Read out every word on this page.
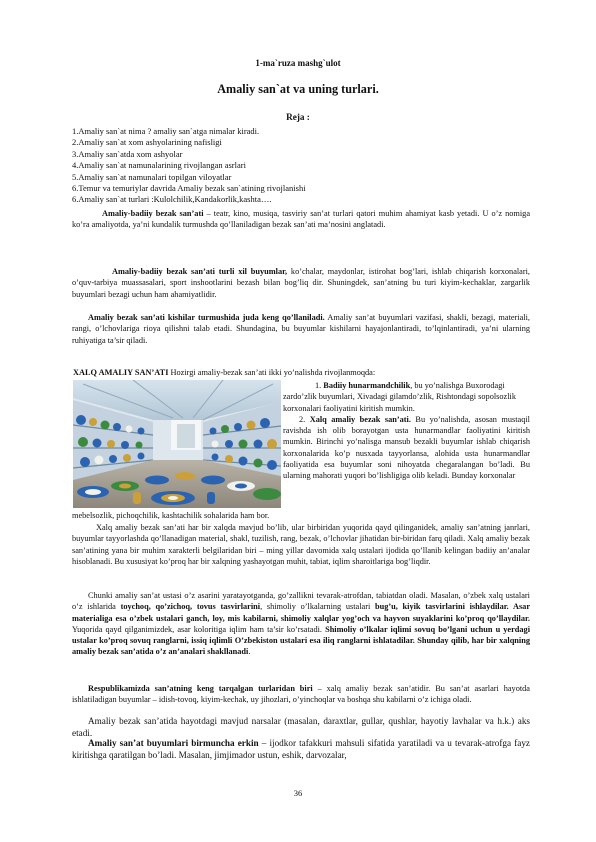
1-ma`ruza mashg`ulot
Amaliy san`at va uning turlari.
Reja :
1.Amaliy san`at nima ? amaliy san`atga nimalar kiradi.
2.Amaliy san`at xom ashyolarining nafisligi
3.Amaliy san`atda xom ashyolar
4.Amaliy san`at namunalarining rivojlangan asrlari
5.Amaliy san`at namunalari topilgan viloyatlar
6.Temur va temuriylar davrida Amaliy bezak san`atining rivojlanishi
6.Amaliy san`at turlari :Kulolchilik,Kandakorlik,kashta….

Amaliy-badiiy bezak san’ati – teatr, kino, musiqa, tasviriy san’at turlari qatori muhim ahamiyat kasb yetadi. U o’z nomiga ko’ra amaliyotda, ya’ni kundalik turmushda qo’llaniladigan bezak san’ati ma’nosini anglatadi.

Amaliy-badiiy bezak san’ati turli xil buyumlar, ko’chalar, maydonlar, istirohat bog’lari, ishlab chiqarish korxonalari, o’quv-tarbiya muassasalari, sport inshootlarini bezash bilan bog’liq dir. Shuningdek, san’atning bu turi kiyim-kechaklar, zargarlik buyumlari bezagi uchun ham ahamiyatlidir.

Amaliy bezak san’ati kishilar turmushida juda keng qo’llaniladi. Amaliy san’at buyumlari vazifasi, shakli, bezagi, materiali, rangi, o’lchovlariga rioya qilishni talab etadi. Shundagina, bu buyumlar kishilarni hayajonlantiradi, to’lqinlantiradi, ya’ni ularning ruhiyatiga ta’sir qiladi.

XALQ AMALIY SAN’ATI Hozirgi amaliy-bezak san’ati ikki yo’nalishda rivojlanmoqda:

1. Badiiy hunarmandchilik, bu yo’nalishga Buxorodagi zardo’zlik buyumlari, Xivadagi gilamdo’zlik, Rishtondagi sopolsozlik korxonalari faoliyatini kiritish mumkin.

2. Xalq amaliy bezak san’ati. Bu yo’nalishda, asosan mustaqil ravishda ish olib borayotgan usta hunarmandlar faoliyatini kiritish mumkin. Birinchi yo’nalisga mansub bezakli buyumlar ishlab chiqarish korxonalarida ko’p nusxada tayyorlansa, alohida usta hunarmandlar faoliyatida esa buyumlar soni nihoyatda chegaralangan bo’ladi. Bu ularning mahorati yuqori bo’lishligiga olib keladi. Bunday korxonalar

mebelsozlik, pichoqchilik, kashtachilik sohalarida ham bor.

Xalq amaliy bezak san’ati har bir xalqda mavjud bo’lib, ular birbiridan yuqorida qayd qilinganidek, amaliy san’atning janrlari, buyumlar tayyorlashda qo’llanadigan material, shakl, tuzilish, rang, bezak, o’lchovlar jihatidan bir-biridan farq qiladi. Xalq amaliy bezak san’atining yana bir muhim xarakterli belgilaridan biri – ming yillar davomida xalq ustalari ijodida qo’llanib kelingan badiiy an’analar hisoblanadi. Bu xususiyat ko’proq har bir xalqning yashayotgan muhit, tabiat, iqlim sharoitlariga bog’liqdir.

Chunki amaliy san’at ustasi o’z asarini yaratayotganda, go’zallikni tevarak-atrofdan, tabiatdan oladi. Masalan, o’zbek xalq ustalari o’z ishlarida toychoq, qo’zichoq, tovus tasvirlarini, shimoliy o’lkalarning ustalari bug’u, kiyik tasvirlarini ishlaydilar. Asar materialiga esa o’zbek ustalari ganch, loy, mis kabilarni, shimoliy xalqlar yog’och va hayvon suyaklarini ko’proq qo’llaydilar. Yuqorida qayd qilganimizdek, asar koloritiga iqlim ham ta’sir ko’rsatadi. Shimoliy o’lkalar iqlimi sovuq bo’lgani uchun u yerdagi ustalar ko’proq sovuq ranglarni, issiq iqlimli O’zbekiston ustalari esa iliq ranglarni ishlatadilar. Shunday qilib, har bir xalqning amaliy bezak san’atida o’z an’analari shakllanadi.

Respublikamizda san’atning keng tarqalgan turlaridan biri – xalq amaliy bezak san’atidir. Bu san’at asarlari hayotda ishlatiladigan buyumlar – idish-tovoq, kiyim-kechak, uy jihozlari, o’yinchoqlar va boshqa shu kabilarni o’z ichiga oladi.

Amaliy bezak san’atida hayotdagi mavjud narsalar (masalan, daraxtlar, gullar, qushlar, hayotiy lavhalar va h.k.) aks etadi.

Amaliy san’at buyumlari birmuncha erkin – ijodkor tafakkuri mahsuli sifatida yaratiladi va u tevarak-atrofga fayz kiritishga qaratilgan bo’ladi. Masalan, jimjimador ustun, eshik, darvozalar,

36
